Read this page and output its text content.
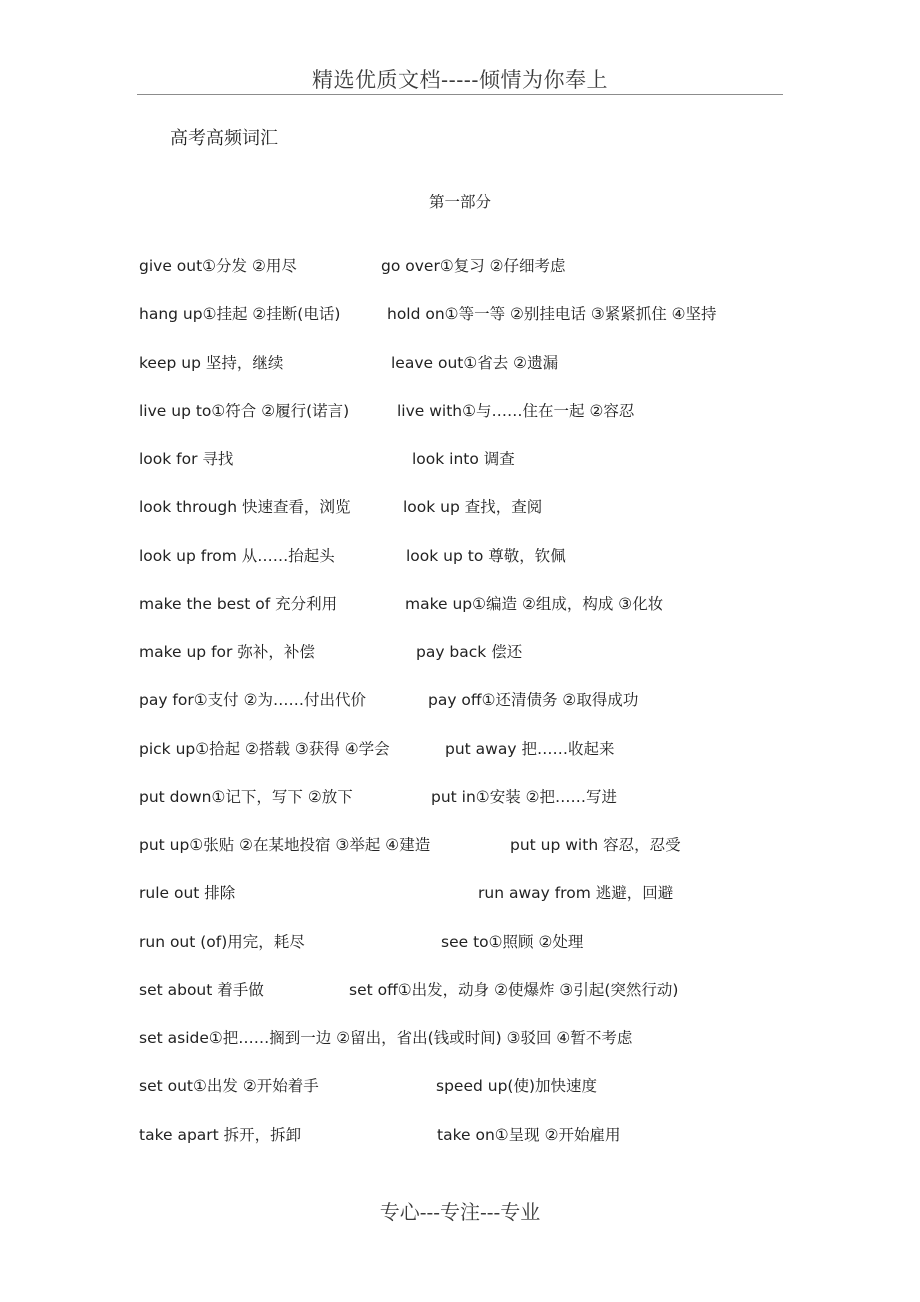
精选优质文档-----倾情为你奉上
高考高频词汇
第一部分
give out①分发 ②用尽	go over①复习 ②仔细考虑
hang up①挂起 ②挂断(电话)	hold on①等一等 ②别挂电话 ③紧紧抓住 ④坚持
keep up 坚持，继续	leave out①省去 ②遗漏
live up to①符合 ②履行(诺言)	live with①与……住在一起 ②容忍
look for 寻找	look into 调查
look through 快速查看，浏览	look up 查找，查阅
look up from 从……抬起头	look up to 尊敬，钦佩
make the best of 充分利用	make up①编造 ②组成，构成 ③化妆
make up for 弥补，补偿	pay back 偿还
pay for①支付 ②为……付出代价	pay off①还清债务 ②取得成功
pick up①拾起 ②搭载 ③获得 ④学会	put away 把……收起来
put down①记下，写下 ②放下	put in①安装 ②把……写进
put up①张贴 ②在某地投宿 ③举起 ④建造	put up with 容忍，忍受
rule out 排除	run away from 逃避，回避
run out (of)用完，耗尽	see to①照顾 ②处理
set about 着手做	set off①出发，动身 ②使爆炸 ③引起(突然行动)
set aside①把……搁到一边 ②留出，省出(钱或时间) ③驳回 ④暂不考虑
set out①出发 ②开始着手	speed up(使)加快速度
take apart 拆开，拆卸	take on①呈现 ②开始雇用
专心---专注---专业
